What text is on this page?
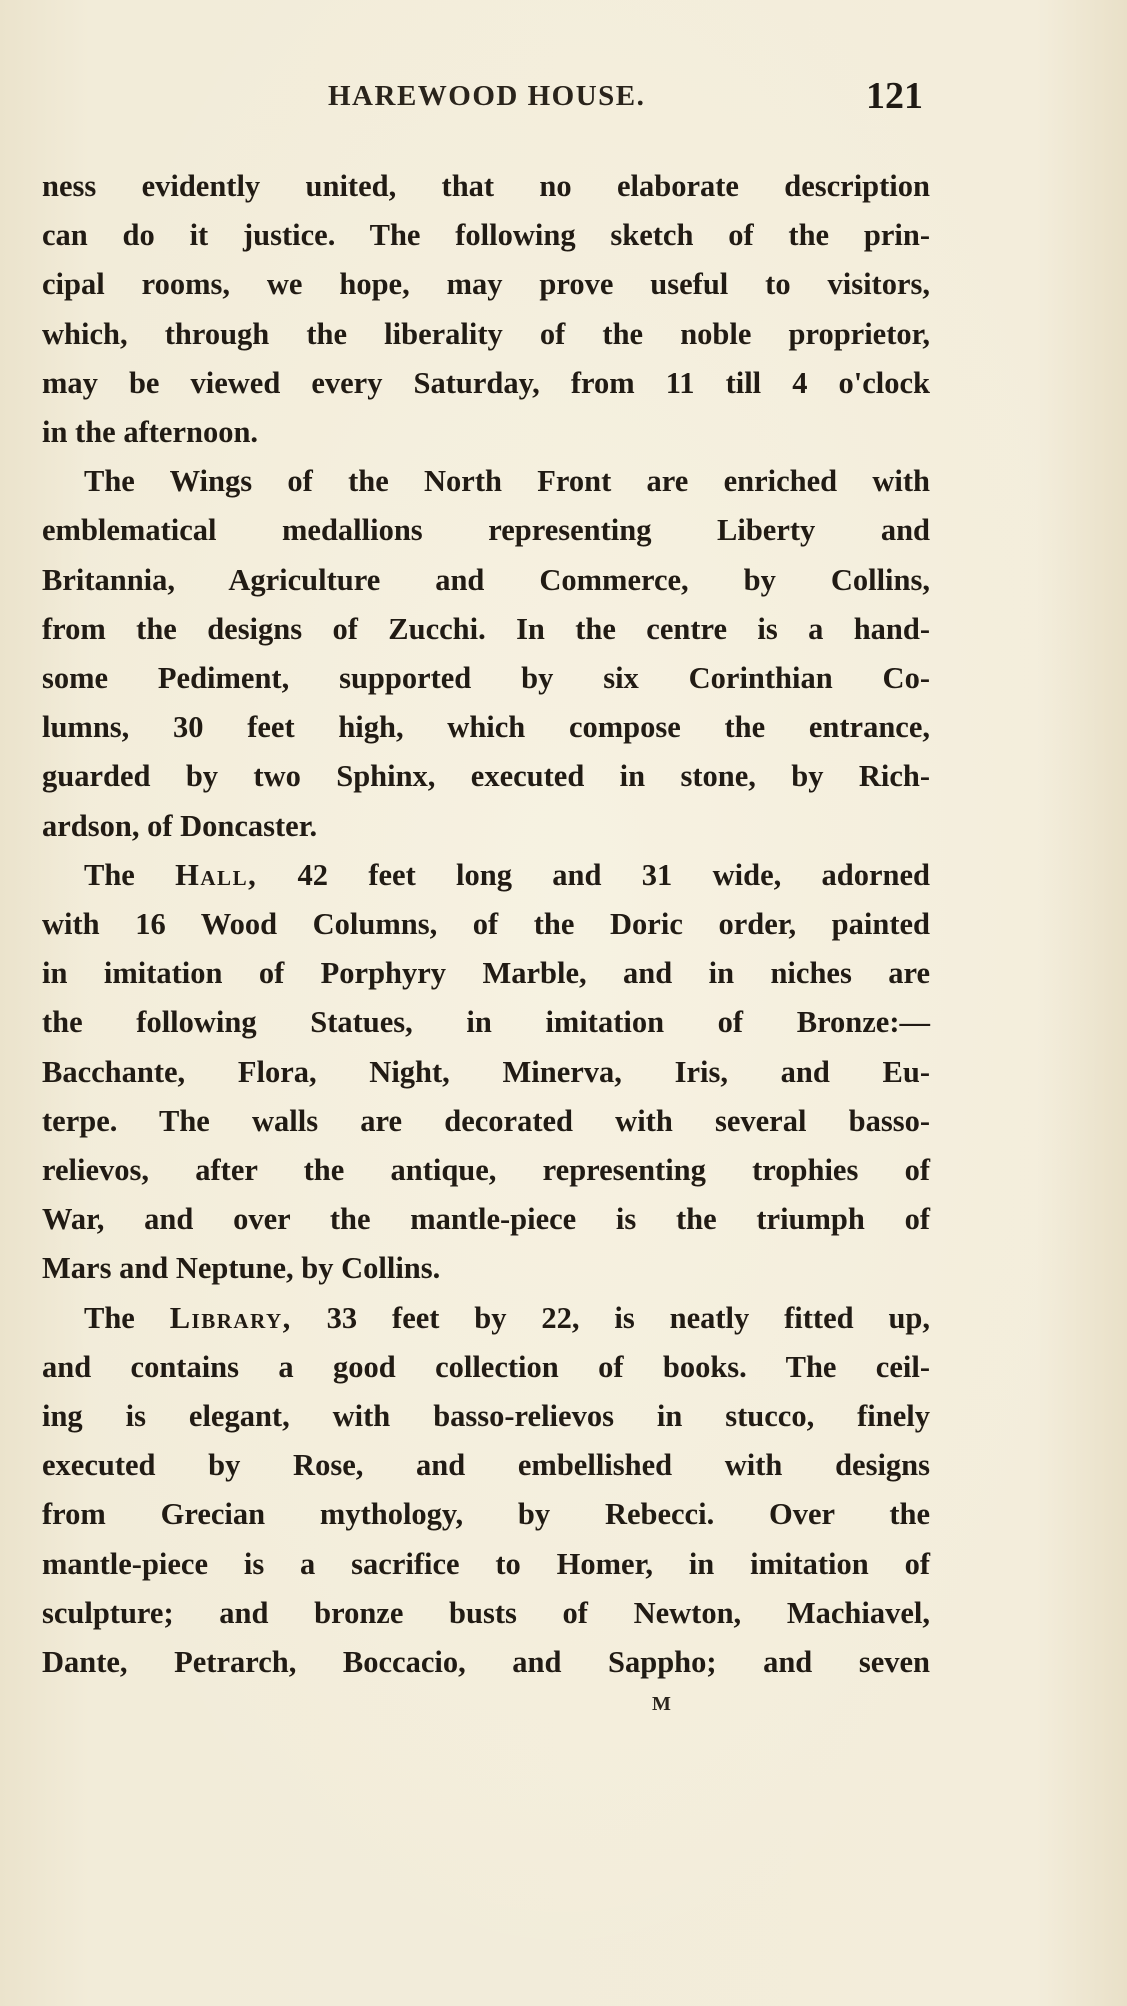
HAREWOOD HOUSE.	121
ness evidently united, that no elaborate description
can do it justice. The following sketch of the prin-
cipal rooms, we hope, may prove useful to visitors,
which, through the liberality of the noble proprietor,
may be viewed every Saturday, from 11 till 4 o'clock
in the afternoon.
The Wings of the North Front are enriched with
emblematical medallions representing Liberty and
Britannia, Agriculture and Commerce, by Collins,
from the designs of Zucchi. In the centre is a hand-
some Pediment, supported by six Corinthian Co-
lumns, 30 feet high, which compose the entrance,
guarded by two Sphinx, executed in stone, by Rich-
ardson, of Doncaster.
The Hall, 42 feet long and 31 wide, adorned
with 16 Wood Columns, of the Doric order, painted
in imitation of Porphyry Marble, and in niches are
the following Statues, in imitation of Bronze:—
Bacchante, Flora, Night, Minerva, Iris, and Eu-
terpe. The walls are decorated with several basso-
relievos, after the antique, representing trophies of
War, and over the mantle-piece is the triumph of
Mars and Neptune, by Collins.
The Library, 33 feet by 22, is neatly fitted up,
and contains a good collection of books. The ceil-
ing is elegant, with basso-relievos in stucco, finely
executed by Rose, and embellished with designs
from Grecian mythology, by Rebecci. Over the
mantle-piece is a sacrifice to Homer, in imitation of
sculpture; and bronze busts of Newton, Machiavel,
Dante, Petrarch, Boccacio, and Sappho; and seven
M
